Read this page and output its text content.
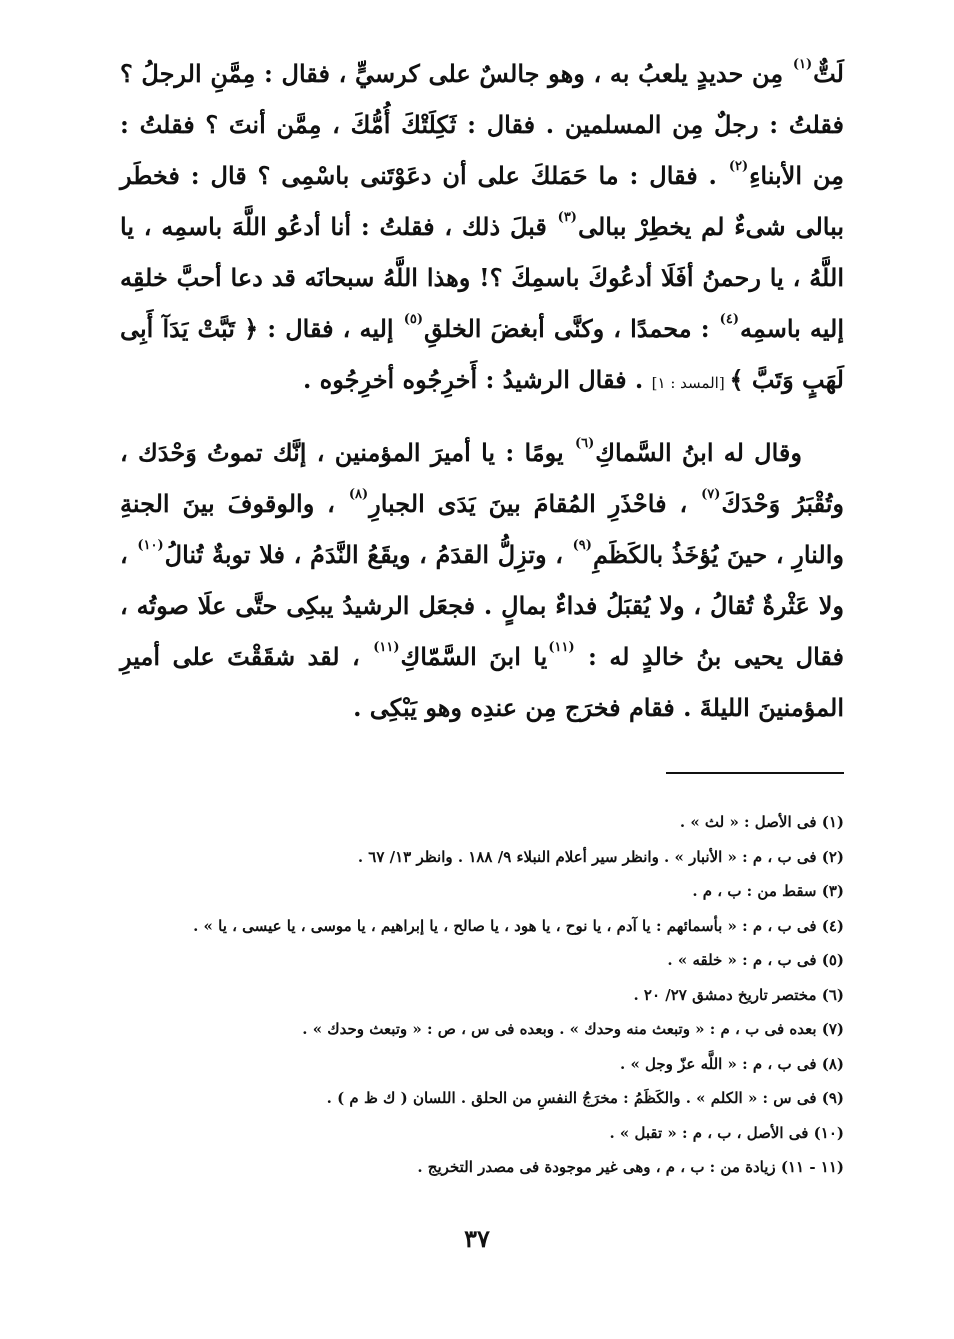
لَتٌّ$^{(١)}$ مِن حديدٍ يلعبُ به ، وهو جالسٌ على كرسيٍّ ، فقال : مِمَّنِ الرجلُ ؟ فقلتُ : رجلٌ مِن المسلمين . فقال : ثَكِلَتْكَ أُمُّكَ ، مِمَّن أنتَ ؟ فقلتُ : مِن الأبناءِ$^{(٢)}$ . فقال : ما حَمَلكَ على أن دعَوْتَنى باسْمِى ؟ قال : فخطَر ببالى شىءٌ لم يخطِرْ ببالى$^{(٣)}$ قبلَ ذلك ، فقلتُ : أنا أدعُو اللَّهَ باسمِه ، يا اللَّهُ ، يا رحمنُ أفَلَا أدعُوكَ باسمِكَ ؟! وهذا اللَّهُ سبحانَه قد دعا أحبَّ خلقِه إليه باسمِه$^{(٤)}$ : محمدًا ، وكنَّى أبغضَ الخلقِ$^{(٥)}$ إليه ، فقال : ﴿ تَبَّتْ يَدَآ أَبِى لَهَبٍ وَتَبَّ ﴾ [المسد : ١] . فقال الرشيدُ : أَخرِجُوه أخرِجُوه .

وقال له ابنُ السَّماكِ$^{(٦)}$ يومًا : يا أميرَ المؤمنين ، إنَّك تموتُ وَحْدَك ، وتُقْبَرُ وَحْدَكَ$^{(٧)}$ ، فاحْذَرِ المُقامَ بينَ يَدَى الجبارِ$^{(٨)}$ ، والوقوفَ بينَ الجنةِ والنارِ ، حينَ يُؤخَذُ بالكَظَمِ$^{(٩)}$ ، وتزِلُّ القدَمُ ، ويقَعُ النَّدَمُ ، فلا توبةٌ تُنالُ$^{(١٠)}$ ، ولا عَثْرةٌ تُقالُ ، ولا يُقبَلُ فداءٌ بمالٍ . فجعَل الرشيدُ يبكِى حتَّى علَا صوتُه ، فقال يحيى بنُ خالدٍ له : $^{(١١)}$يا ابنَ السَّمّاكِ$^{(١١)}$ ، لقد شقَقْتَ على أميرِ المؤمنينَ الليلةَ . فقام فخرَج مِن عندِه وهو يَبْكِى .

(١) فى الأصل : « لث » .
(٢) فى ب ، م : « الأنبار » . وانظر سير أعلام النبلاء ٩/ ١٨٨ . وانظر ١٣/ ٦٧ .
(٣) سقط من : ب ، م .
(٤) فى ب ، م : « بأسمائهم : يا آدم ، يا نوح ، يا هود ، يا صالح ، يا إبراهيم ، يا موسى ، يا عيسى ، يا » .
(٥) فى ب ، م : « خلقه » .
(٦) مختصر تاريخ دمشق ٢٧/ ٢٠ .
(٧) بعده فى ب ، م : « وتبعث منه وحدك » . وبعده فى س ، ص : « وتبعث وحدك » .
(٨) فى ب ، م : « اللَّه عزّ وجل » .
(٩) فى س : « الكلم » . والكَظَمُ : مخرَجُ النفسِ من الحلق . اللسان ( ك ظ م ) .
(١٠) فى الأصل ، ب ، م : « تقبل » .
(١١ - ١١) زيادة من : ب ، م ، وهى غير موجودة فى مصدر التخريج .
٣٧
